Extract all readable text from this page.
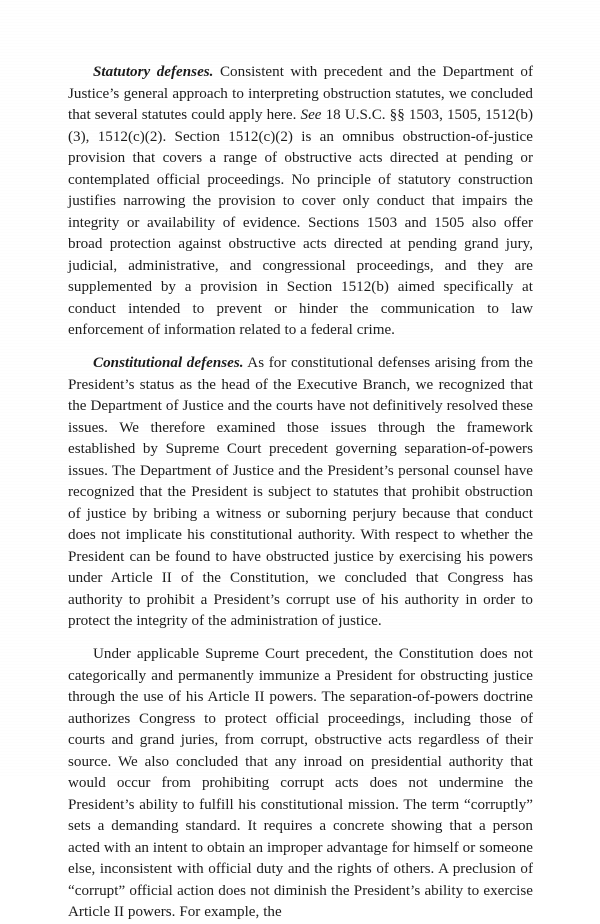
Statutory defenses. Consistent with precedent and the Department of Justice’s general approach to interpreting obstruction statutes, we concluded that several statutes could apply here. See 18 U.S.C. §§ 1503, 1505, 1512(b)(3), 1512(c)(2). Section 1512(c)(2) is an omnibus obstruction-of-justice provision that covers a range of obstructive acts directed at pending or contemplated official proceedings. No principle of statutory construction justifies narrowing the provision to cover only conduct that impairs the integrity or availability of evidence. Sections 1503 and 1505 also offer broad protection against obstructive acts directed at pending grand jury, judicial, administrative, and congressional proceedings, and they are supplemented by a provision in Section 1512(b) aimed specifically at conduct intended to prevent or hinder the communication to law enforcement of information related to a federal crime.

Constitutional defenses. As for constitutional defenses arising from the President’s status as the head of the Executive Branch, we recognized that the Department of Justice and the courts have not definitively resolved these issues. We therefore examined those issues through the framework established by Supreme Court precedent governing separation-of-powers issues. The Department of Justice and the President’s personal counsel have recognized that the President is subject to statutes that prohibit obstruction of justice by bribing a witness or suborning perjury because that conduct does not implicate his constitutional authority. With respect to whether the President can be found to have obstructed justice by exercising his powers under Article II of the Constitution, we concluded that Congress has authority to prohibit a President’s corrupt use of his authority in order to protect the integrity of the administration of justice.

Under applicable Supreme Court precedent, the Constitution does not categorically and permanently immunize a President for obstructing justice through the use of his Article II powers. The separation-of-powers doctrine authorizes Congress to protect official proceedings, including those of courts and grand juries, from corrupt, obstructive acts regardless of their source. We also concluded that any inroad on presidential authority that would occur from prohibiting corrupt acts does not undermine the President’s ability to fulfill his constitutional mission. The term “corruptly” sets a demanding standard. It requires a concrete showing that a person acted with an intent to obtain an improper advantage for himself or someone else, inconsistent with official duty and the rights of others. A preclusion of “corrupt” official action does not diminish the President’s ability to exercise Article II powers. For example, the
